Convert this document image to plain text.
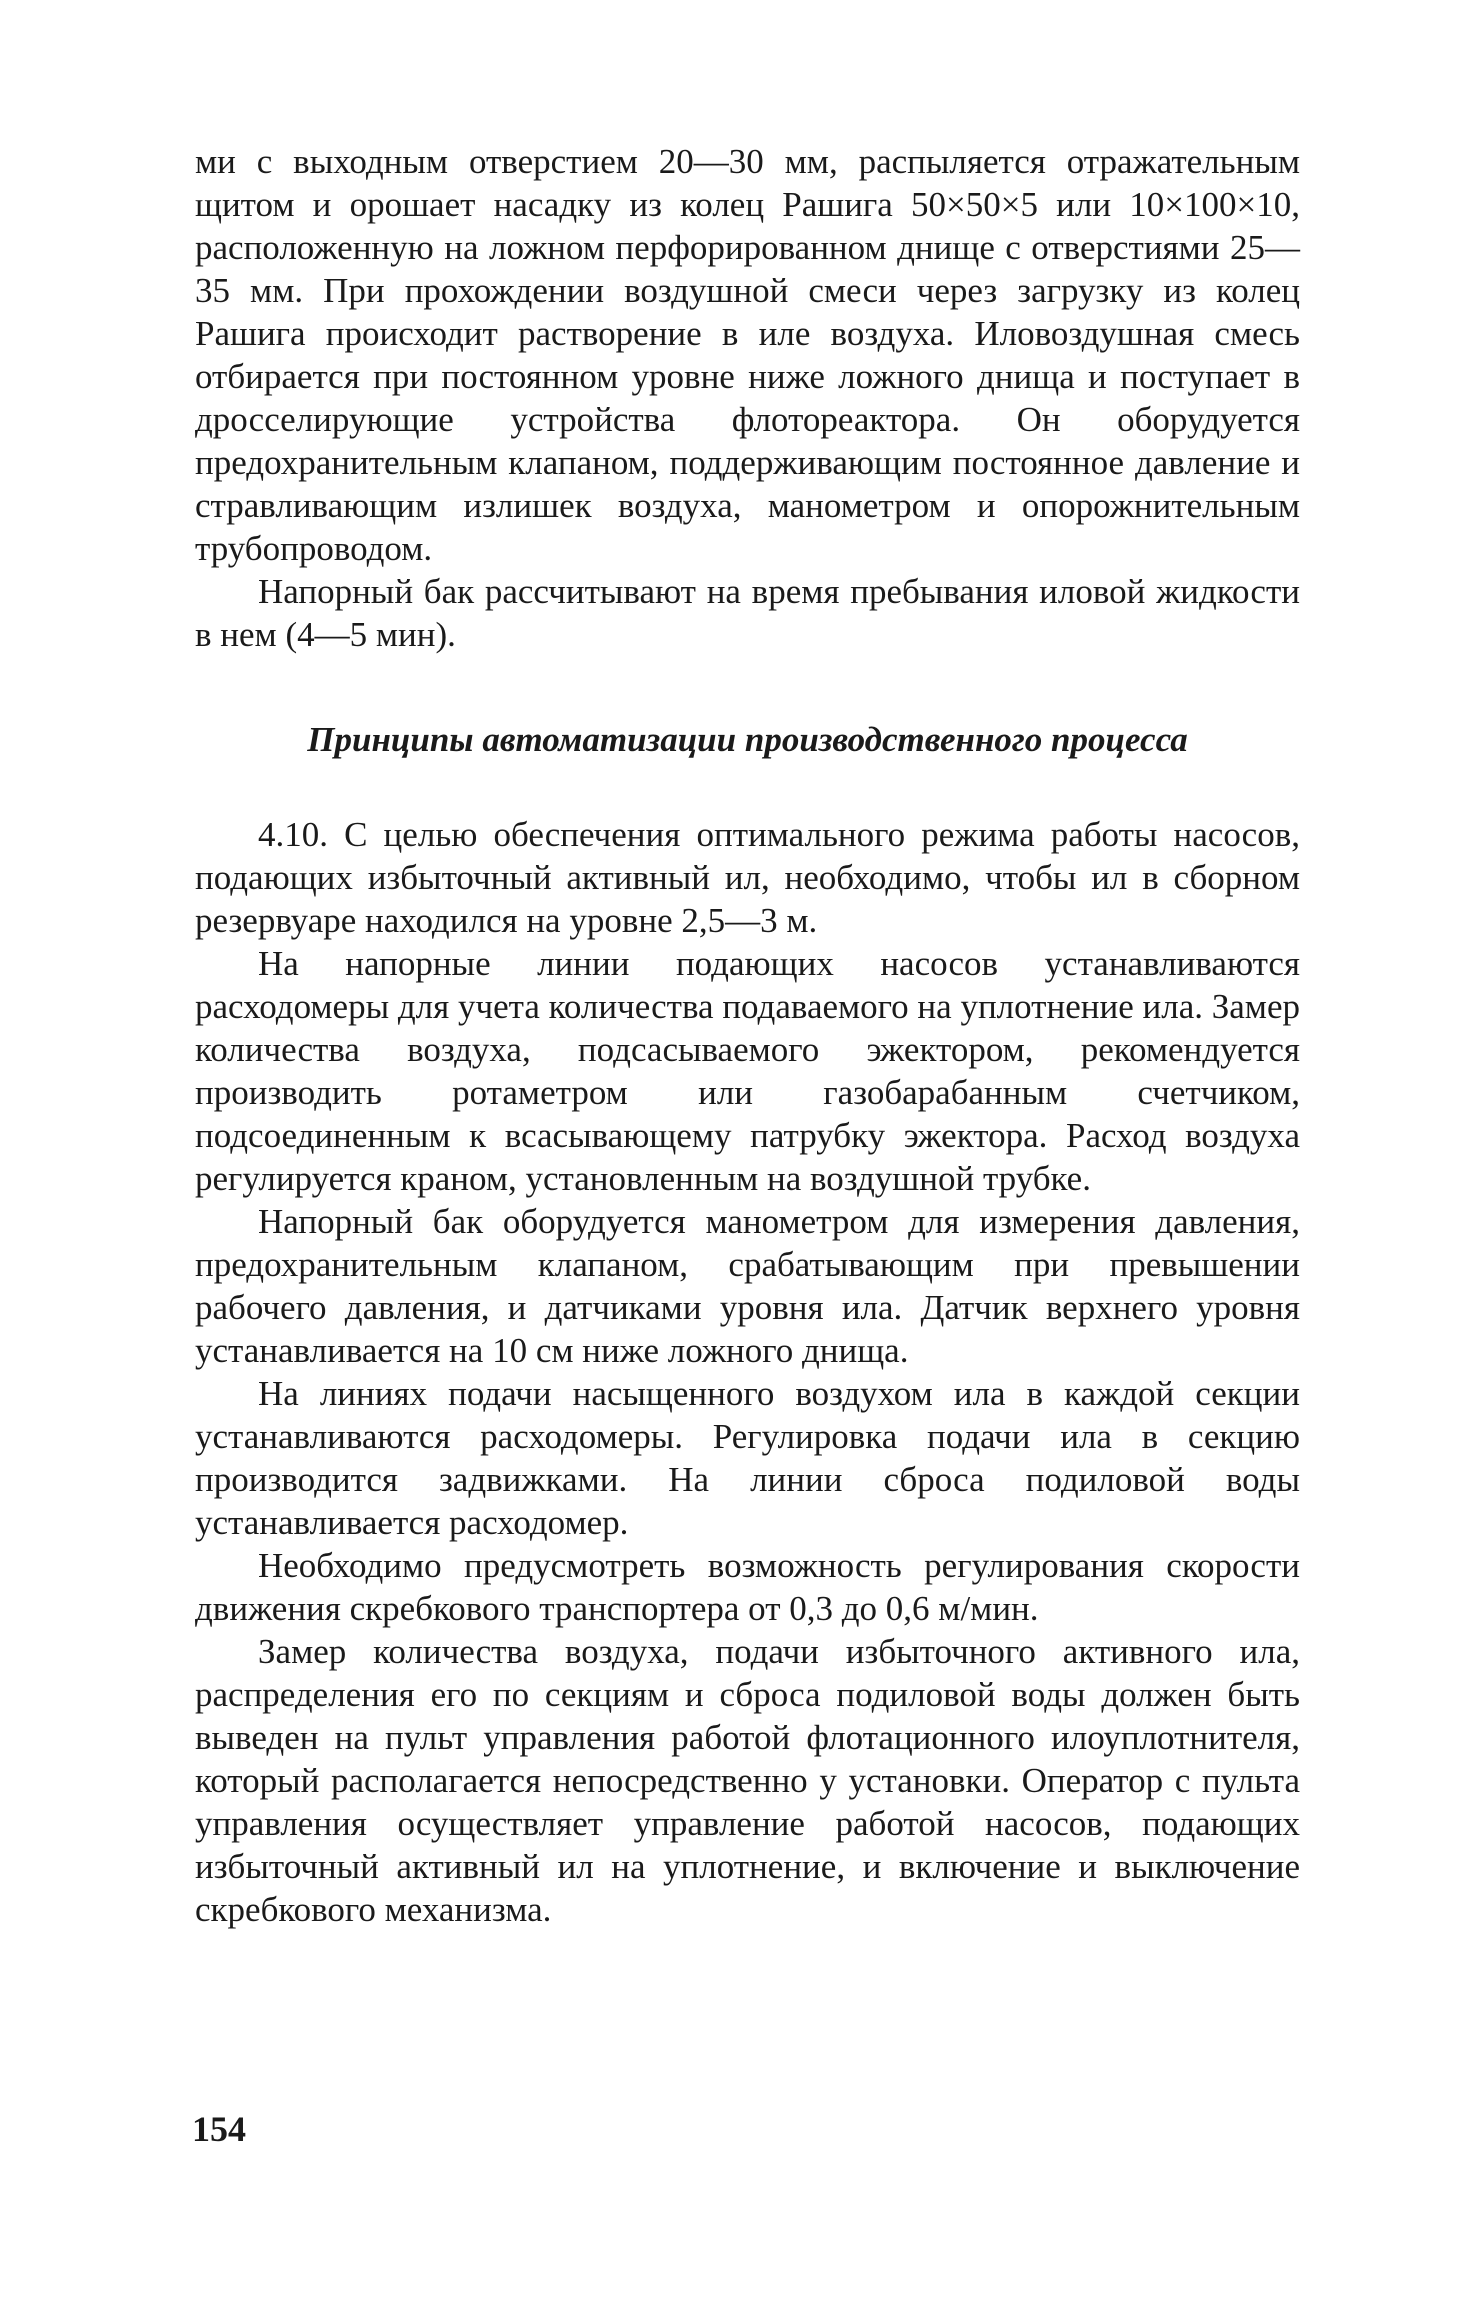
ми с выходным отверстием 20—30 мм, распыляется отражательным щитом и орошает насадку из колец Рашига 50×50×5 или 10×100×10, расположенную на ложном перфорированном днище с отверстиями 25—35 мм. При прохождении воздушной смеси через загрузку из колец Рашига происходит растворение в иле воздуха. Иловоздушная смесь отбирается при постоянном уровне ниже ложного днища и поступает в дросселирующие устройства флотореактора. Он оборудуется предохранительным клапаном, поддерживающим постоянное давление и стравливающим излишек воздуха, манометром и опорожнительным трубопроводом.

Напорный бак рассчитывают на время пребывания иловой жидкости в нем (4—5 мин).

Принципы автоматизации производственного процесса

4.10. С целью обеспечения оптимального режима работы насосов, подающих избыточный активный ил, необходимо, чтобы ил в сборном резервуаре находился на уровне 2,5—3 м.

На напорные линии подающих насосов устанавливаются расходомеры для учета количества подаваемого на уплотнение ила. Замер количества воздуха, подсасываемого эжектором, рекомендуется производить ротаметром или газобарабанным счетчиком, подсоединенным к всасывающему патрубку эжектора. Расход воздуха регулируется краном, установленным на воздушной трубке.

Напорный бак оборудуется манометром для измерения давления, предохранительным клапаном, срабатывающим при превышении рабочего давления, и датчиками уровня ила. Датчик верхнего уровня устанавливается на 10 см ниже ложного днища.

На линиях подачи насыщенного воздухом ила в каждой секции устанавливаются расходомеры. Регулировка подачи ила в секцию производится задвижками. На линии сброса подиловой воды устанавливается расходомер.

Необходимо предусмотреть возможность регулирования скорости движения скребкового транспортера от 0,3 до 0,6 м/мин.

Замер количества воздуха, подачи избыточного активного ила, распределения его по секциям и сброса подиловой воды должен быть выведен на пульт управления работой флотационного илоуплотнителя, который располагается непосредственно у установки. Оператор с пульта управления осуществляет управление работой насосов, подающих избыточный активный ил на уплотнение, и включение и выключение скребкового механизма.

154
